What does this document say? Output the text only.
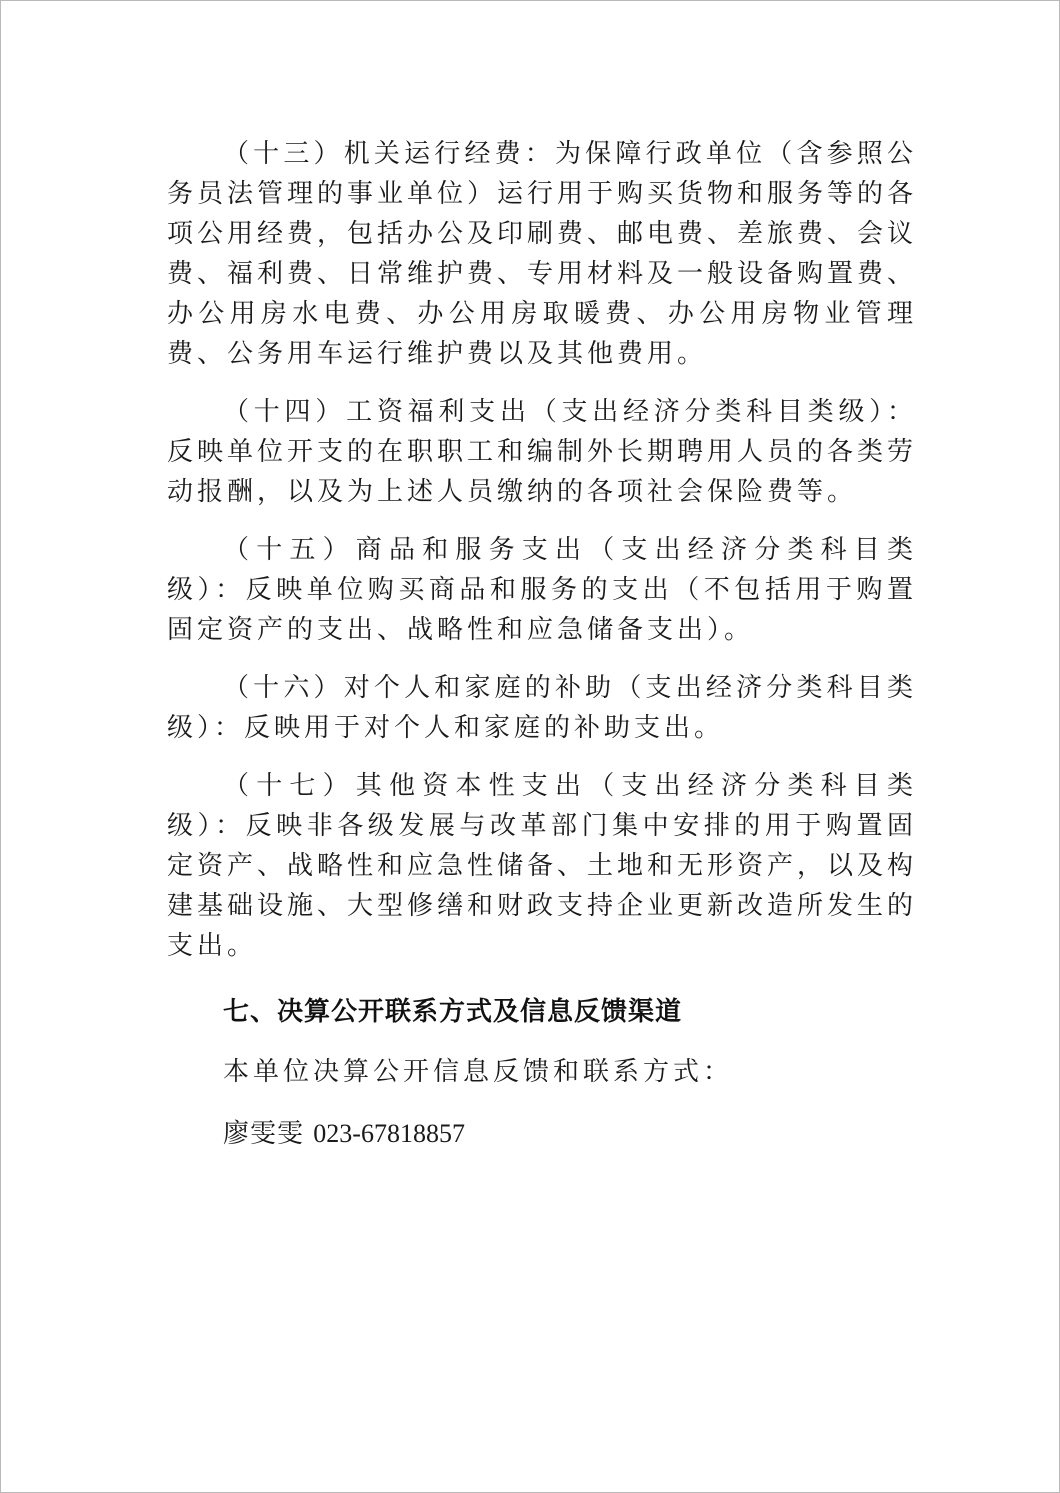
（十三）机关运行经费：为保障行政单位（含参照公务员法管理的事业单位）运行用于购买货物和服务等的各项公用经费，包括办公及印刷费、邮电费、差旅费、会议费、福利费、日常维护费、专用材料及一般设备购置费、办公用房水电费、办公用房取暖费、办公用房物业管理费、公务用车运行维护费以及其他费用。

（十四）工资福利支出（支出经济分类科目类级）：反映单位开支的在职职工和编制外长期聘用人员的各类劳动报酬，以及为上述人员缴纳的各项社会保险费等。

（十五）商品和服务支出（支出经济分类科目类级）：反映单位购买商品和服务的支出（不包括用于购置固定资产的支出、战略性和应急储备支出）。

（十六）对个人和家庭的补助（支出经济分类科目类级）：反映用于对个人和家庭的补助支出。

（十七）其他资本性支出（支出经济分类科目类级）：反映非各级发展与改革部门集中安排的用于购置固定资产、战略性和应急性储备、土地和无形资产，以及构建基础设施、大型修缮和财政支持企业更新改造所发生的支出。

七、决算公开联系方式及信息反馈渠道

本单位决算公开信息反馈和联系方式：

廖雯雯 023-67818857
